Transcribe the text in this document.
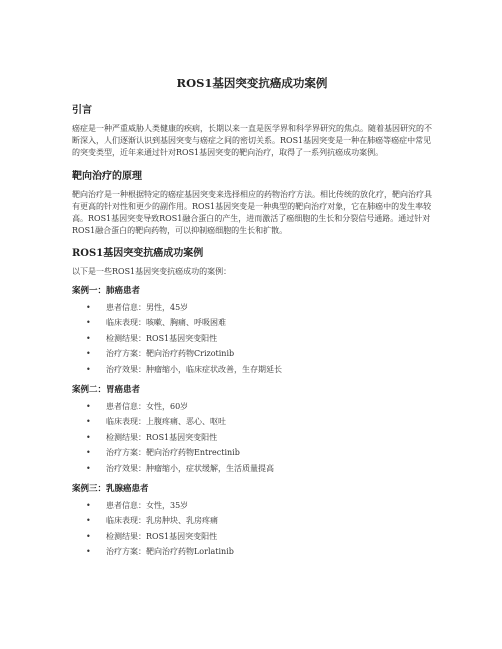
ROS1基因突变抗癌成功案例
引言

癌症是一种严重威胁人类健康的疾病，长期以来一直是医学界和科学界研究的焦点。随着基因研究的不断深入，人们逐渐认识到基因突变与癌症之间的密切关系。ROS1基因突变是一种在肺癌等癌症中常见的突变类型，近年来通过针对ROS1基因突变的靶向治疗，取得了一系列抗癌成功案例。

靶向治疗的原理

靶向治疗是一种根据特定的癌症基因突变来选择相应的药物治疗方法。相比传统的放化疗，靶向治疗具有更高的针对性和更少的副作用。ROS1基因突变是一种典型的靶向治疗对象，它在肺癌中的发生率较高。ROS1基因突变导致ROS1融合蛋白的产生，进而激活了癌细胞的生长和分裂信号通路。通过针对ROS1融合蛋白的靶向药物，可以抑制癌细胞的生长和扩散。

ROS1基因突变抗癌成功案例

以下是一些ROS1基因突变抗癌成功的案例：

案例一：肺癌患者
• 患者信息：男性，45岁
• 临床表现：咳嗽、胸痛、呼吸困难
• 检测结果：ROS1基因突变阳性
• 治疗方案：靶向治疗药物Crizotinib
• 治疗效果：肿瘤缩小，临床症状改善，生存期延长
案例二：胃癌患者
• 患者信息：女性，60岁
• 临床表现：上腹疼痛、恶心、呕吐
• 检测结果：ROS1基因突变阳性
• 治疗方案：靶向治疗药物Entrectinib
• 治疗效果：肿瘤缩小，症状缓解，生活质量提高
案例三：乳腺癌患者
• 患者信息：女性，35岁
• 临床表现：乳房肿块、乳房疼痛
• 检测结果：ROS1基因突变阳性
• 治疗方案：靶向治疗药物Lorlatinib
